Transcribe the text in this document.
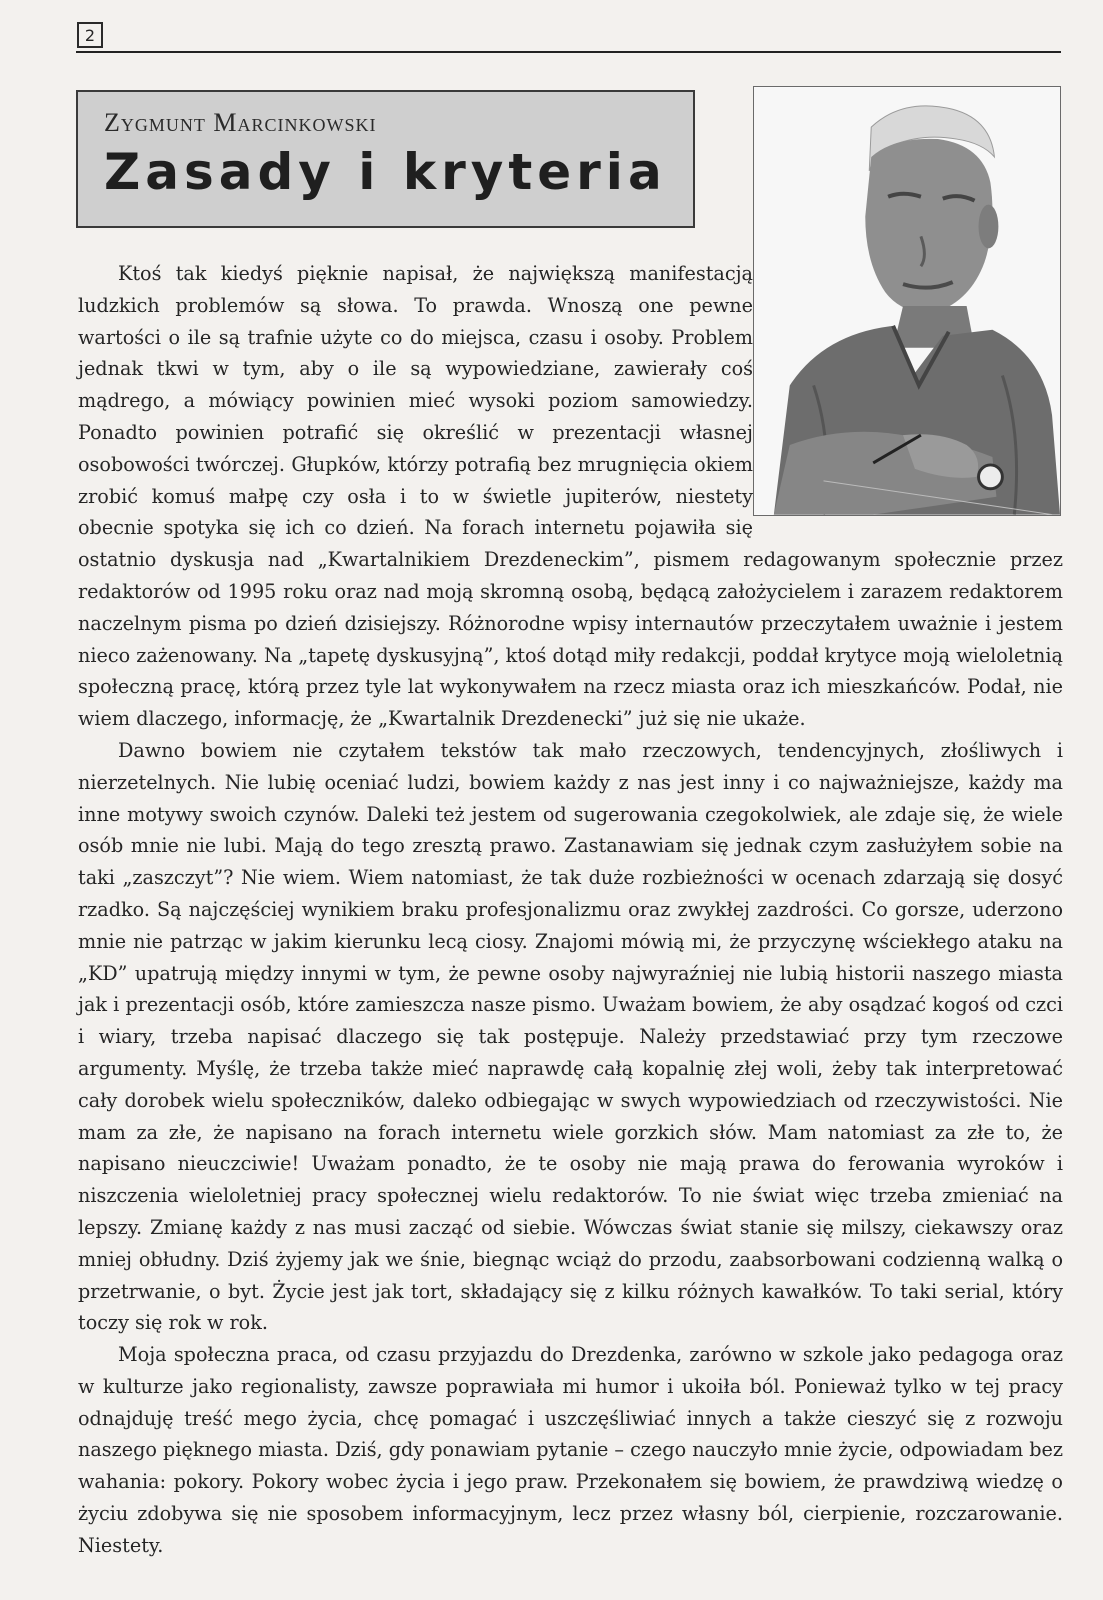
2
Zygmunt Marcinkowski
Zasady i kryteria

Ktoś tak kiedyś pięknie napisał, że największą manifestacją ludzkich problemów są słowa. To prawda. Wnoszą one pewne wartości o ile są trafnie użyte co do miejsca, czasu i osoby. Problem jednak tkwi w tym, aby o ile są wypowiedziane, zawierały coś mądrego, a mówiący powinien mieć wysoki poziom samowiedzy. Ponadto powinien potrafić się określić w prezentacji własnej osobowości twórczej. Głupków, którzy potrafią bez mrugnięcia okiem zrobić komuś małpę czy osła i to w świetle jupiterów, niestety obecnie spotyka się ich co dzień. Na forach internetu pojawiła się ostatnio dyskusja nad „Kwartalnikiem Drezdeneckim”, pismem redagowanym społecznie przez redaktorów od 1995 roku oraz nad moją skromną osobą, będącą założycielem i zarazem redaktorem naczelnym pisma po dzień dzisiejszy. Różnorodne wpisy internautów przeczytałem uważnie i jestem nieco zażenowany. Na „tapetę dyskusyjną”, ktoś dotąd miły redakcji, poddał krytyce moją wieloletnią społeczną pracę, którą przez tyle lat wykonywałem na rzecz miasta oraz ich mieszkańców. Podał, nie wiem dlaczego, informację, że „Kwartalnik Drezdenecki” już się nie ukaże.

Dawno bowiem nie czytałem tekstów tak mało rzeczowych, tendencyjnych, złośliwych i nierzetelnych. Nie lubię oceniać ludzi, bowiem każdy z nas jest inny i co najważniejsze, każdy ma inne motywy swoich czynów. Daleki też jestem od sugerowania czegokolwiek, ale zdaje się, że wiele osób mnie nie lubi. Mają do tego zresztą prawo. Zastanawiam się jednak czym zasłużyłem sobie na taki „zaszczyt”? Nie wiem. Wiem natomiast, że tak duże rozbieżności w ocenach zdarzają się dosyć rzadko. Są najczęściej wynikiem braku profesjonalizmu oraz zwykłej zazdrości. Co gorsze, uderzono mnie nie patrząc w jakim kierunku lecą ciosy. Znajomi mówią mi, że przyczynę wściekłego ataku na „KD” upatrują między innymi w tym, że pewne osoby najwyraźniej nie lubią historii naszego miasta jak i prezentacji osób, które zamieszcza nasze pismo. Uważam bowiem, że aby osądzać kogoś od czci i wiary, trzeba napisać dlaczego się tak postępuje. Należy przedstawiać przy tym rzeczowe argumenty. Myślę, że trzeba także mieć naprawdę całą kopalnię złej woli, żeby tak interpretować cały dorobek wielu społeczników, daleko odbiegając w swych wypowiedziach od rzeczywistości. Nie mam za złe, że napisano na forach internetu wiele gorzkich słów. Mam natomiast za złe to, że napisano nieuczciwie! Uważam ponadto, że te osoby nie mają prawa do ferowania wyroków i niszczenia wieloletniej pracy społecznej wielu redaktorów. To nie świat więc trzeba zmieniać na lepszy. Zmianę każdy z nas musi zacząć od siebie. Wówczas świat stanie się milszy, ciekawszy oraz mniej obłudny. Dziś żyjemy jak we śnie, biegnąc wciąż do przodu, zaabsorbowani codzienną walką o przetrwanie, o byt. Życie jest jak tort, składający się z kilku różnych kawałków. To taki serial, który toczy się rok w rok.

Moja społeczna praca, od czasu przyjazdu do Drezdenka, zarówno w szkole jako pedagoga oraz w kulturze jako regionalisty, zawsze poprawiała mi humor i ukoiła ból. Ponieważ tylko w tej pracy odnajduję treść mego życia, chcę pomagać i uszczęśliwiać innych a także cieszyć się z rozwoju naszego pięknego miasta. Dziś, gdy ponawiam pytanie – czego nauczyło mnie życie, odpowiadam bez wahania: pokory. Pokory wobec życia i jego praw. Przekonałem się bowiem, że prawdziwą wiedzę o życiu zdobywa się nie sposobem informacyjnym, lecz przez własny ból, cierpienie, rozczarowanie. Niestety.
